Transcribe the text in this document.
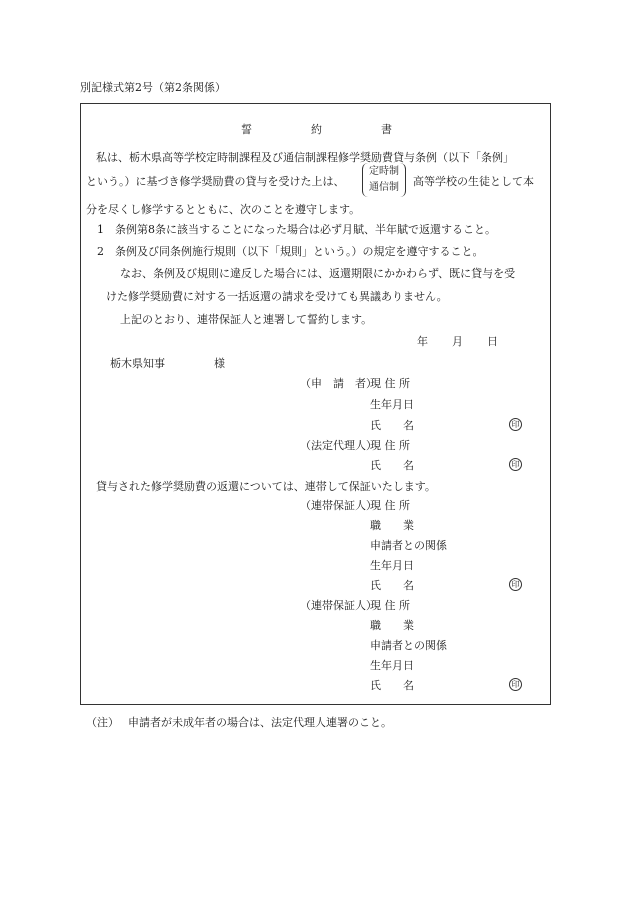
別記様式第2号（第2条関係）
誓	約	書
私は、栃木県高等学校定時制課程及び通信制課程修学奨励費貸与条例（以下「条例」
という。）に基づき修学奨励費の貸与を受けた上は、
定時制
通信制	高等学校の生徒として本
分を尽くし修学するとともに、次のことを遵守します。
1 条例第8条に該当することになった場合は必ず月賦、半年賦で返還すること。
2 条例及び同条例施行規則（以下「規則」という。）の規定を遵守すること。
なお、条例及び規則に違反した場合には、返還期限にかかわらず、既に貸与を受
けた修学奨励費に対する一括返還の請求を受けても異議ありません。
上記のとおり、連帯保証人と連署して誓約します。
年 月 日
栃木県知事	様
（申　請　者）
現 住 所
生年月日
氏　　名	印
（法定代理人）
現 住 所
氏　　名	印
貸与された修学奨励費の返還については、連帯して保証いたします。
（連帯保証人）
現 住 所
職　　業
申請者との関係
生年月日
氏　　名	印
（連帯保証人）
現 住 所
職　　業
申請者との関係
生年月日
氏　　名	印
（注） 申請者が未成年者の場合は、法定代理人連署のこと。
